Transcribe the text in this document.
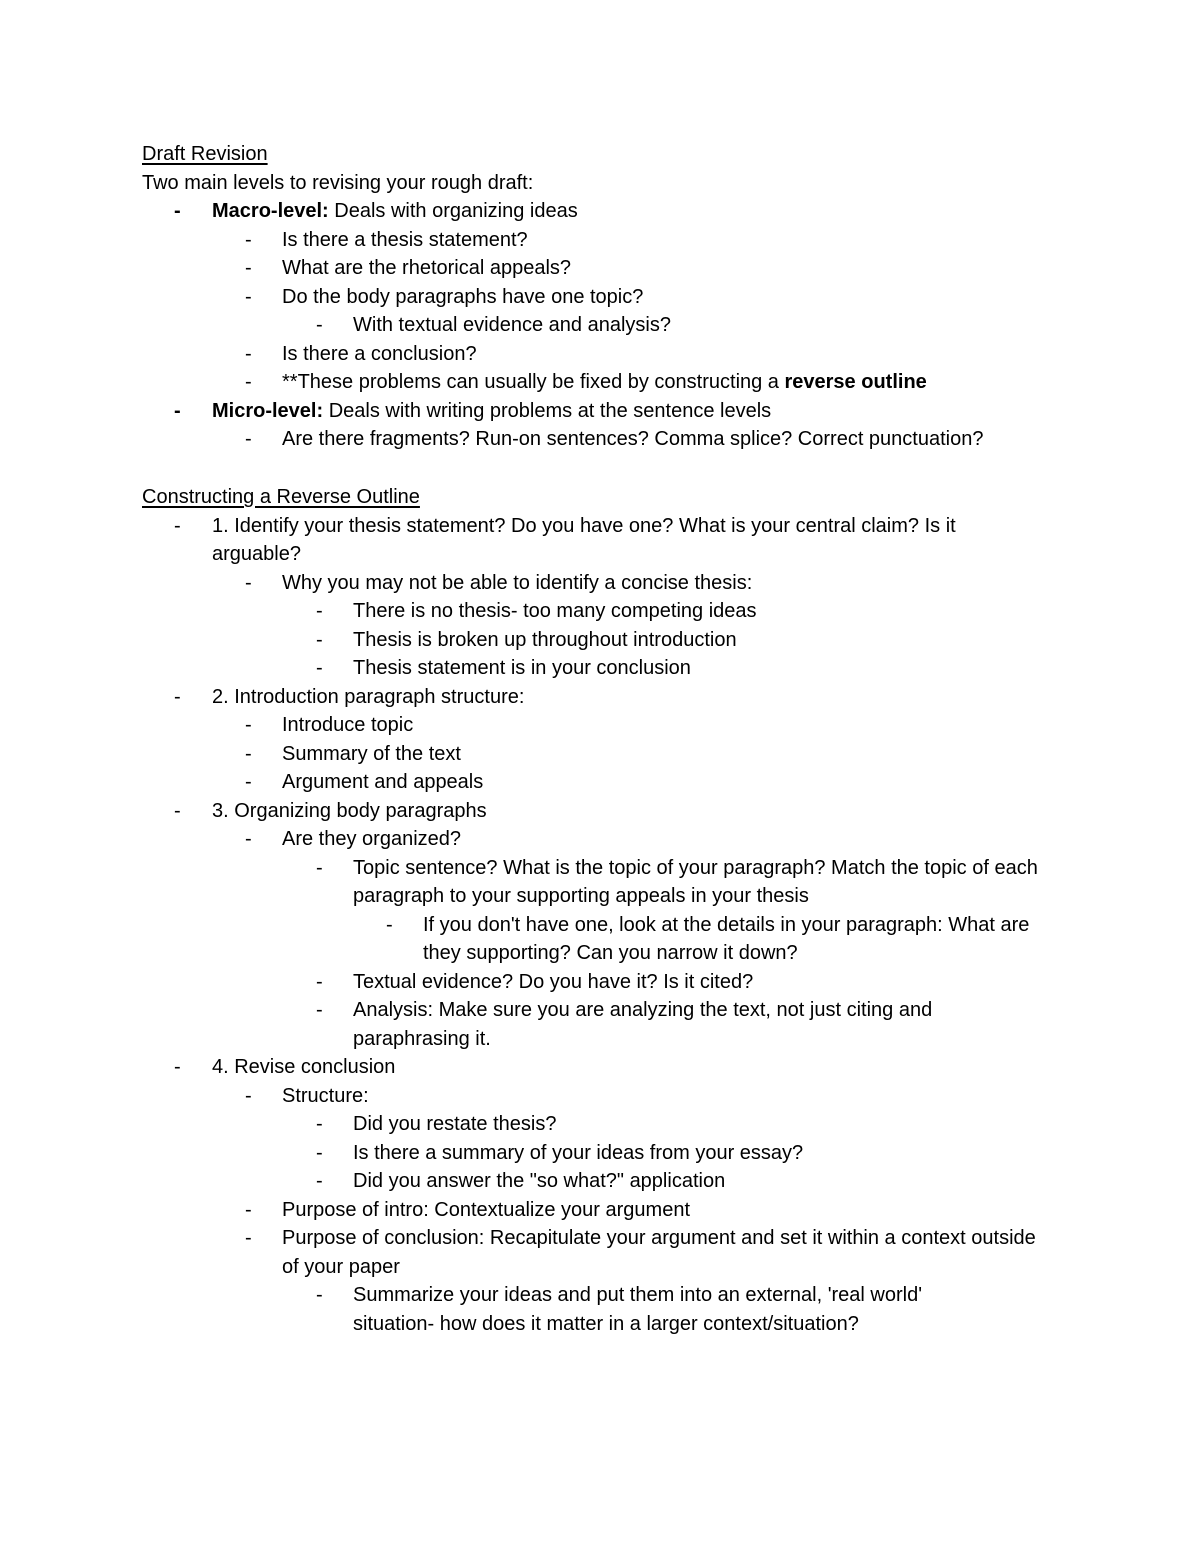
Draft Revision
Two main levels to revising your rough draft:
- Macro-level: Deals with organizing ideas
- Is there a thesis statement?
- What are the rhetorical appeals?
- Do the body paragraphs have one topic?
- With textual evidence and analysis?
- Is there a conclusion?
- **These problems can usually be fixed by constructing a reverse outline
- Micro-level: Deals with writing problems at the sentence levels
- Are there fragments? Run-on sentences? Comma splice? Correct punctuation?
Constructing a Reverse Outline
- 1. Identify your thesis statement? Do you have one? What is your central claim? Is it arguable?
- Why you may not be able to identify a concise thesis:
- There is no thesis- too many competing ideas
- Thesis is broken up throughout introduction
- Thesis statement is in your conclusion
- 2. Introduction paragraph structure:
- Introduce topic
- Summary of the text
- Argument and appeals
- 3. Organizing body paragraphs
- Are they organized?
- Topic sentence? What is the topic of your paragraph? Match the topic of each paragraph to your supporting appeals in your thesis
- If you don't have one, look at the details in your paragraph: What are they supporting? Can you narrow it down?
- Textual evidence? Do you have it? Is it cited?
- Analysis: Make sure you are analyzing the text, not just citing and paraphrasing it.
- 4. Revise conclusion
- Structure:
- Did you restate thesis?
- Is there a summary of your ideas from your essay?
- Did you answer the "so what?" application
- Purpose of intro: Contextualize your argument
- Purpose of conclusion: Recapitulate your argument and set it within a context outside of your paper
- Summarize your ideas and put them into an external, 'real world' situation- how does it matter in a larger context/situation?
